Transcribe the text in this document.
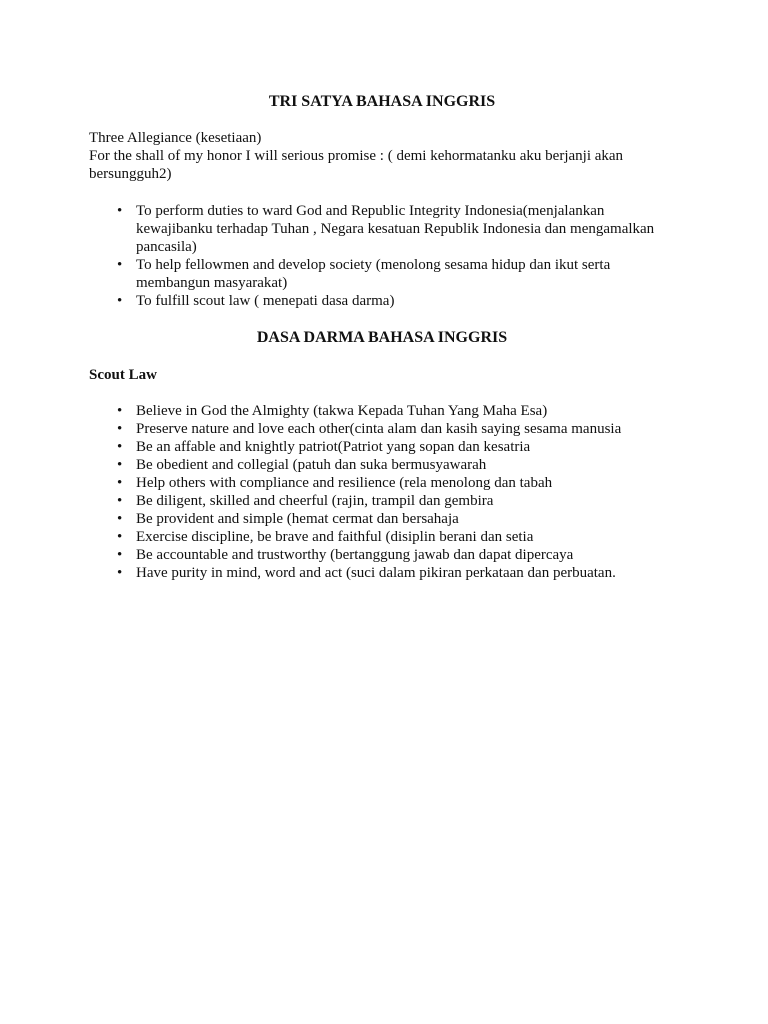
TRI SATYA BAHASA INGGRIS

Three Allegiance (kesetiaan)

For the shall of my honor I will serious promise : ( demi kehormatanku aku berjanji akan bersungguh2)

• To perform duties to ward God and Republic Integrity Indonesia(menjalankan kewajibanku terhadap Tuhan , Negara kesatuan Republik Indonesia dan mengamalkan pancasila)
• To help fellowmen and develop society (menolong sesama hidup dan ikut serta membangun masyarakat)
• To fulfill scout law ( menepati dasa darma)
DASA DARMA BAHASA INGGRIS

Scout Law

• Believe in God the Almighty (takwa Kepada Tuhan Yang Maha Esa)
• Preserve nature and love each other(cinta alam dan kasih saying sesama manusia
• Be an affable and knightly patriot(Patriot yang sopan dan kesatria
• Be obedient and collegial (patuh dan suka bermusyawarah
• Help others with compliance and resilience (rela menolong dan tabah
• Be diligent, skilled and cheerful (rajin, trampil dan gembira
• Be provident and simple (hemat cermat dan bersahaja
• Exercise discipline, be brave and faithful (disiplin berani dan setia
• Be accountable and trustworthy (bertanggung jawab dan dapat dipercaya
• Have purity in mind, word and act (suci dalam pikiran perkataan dan perbuatan.
